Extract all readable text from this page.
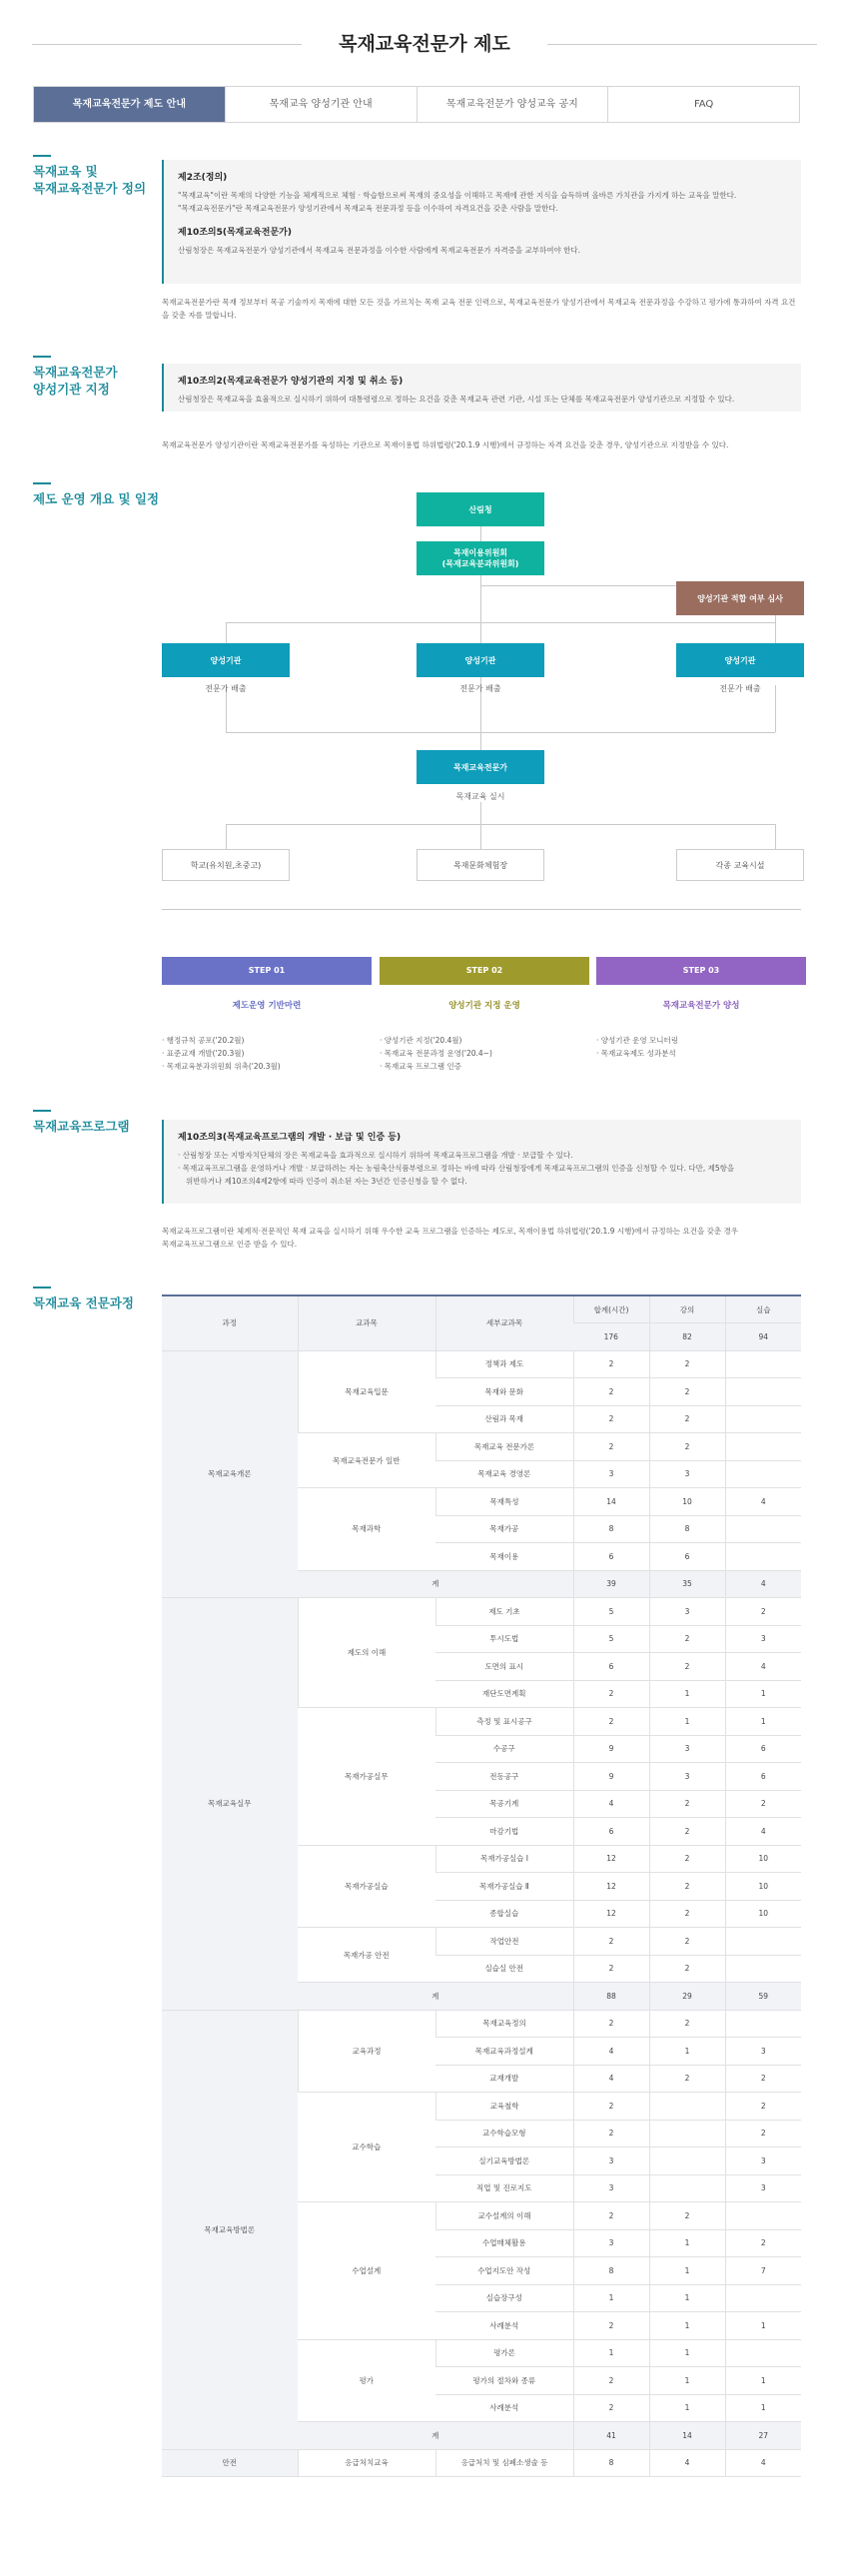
목재교육전문가 제도
목재교육전문가 제도 안내	목재교육 양성기관 안내	목재교육전문가 양성교육 공지	FAQ
목재교육 및
목재교육전문가 정의
제2조(정의)

"목재교육"이란 목재의 다양한 기능을 체계적으로 체험 · 학습함으로써 목재의 중요성을 이해하고 목재에 관한 지식을 습득하며 올바른 가치관을 가지게 하는 교육을 말한다.

"목재교육전문가"란 목재교육전문가 양성기관에서 목재교육 전문과정 등을 이수하여 자격요건을 갖춘 사람을 말한다.

제10조의5(목재교육전문가)

산림청장은 목재교육전문가 양성기관에서 목재교육 전문과정을 이수한 사람에게 목재교육전문가 자격증을 교부하여야 한다.

목재교육전문가란 목재 정보부터 목공 기술까지 목재에 대한 모든 것을 가르치는 목재 교육 전문 인력으로, 목재교육전문가 양성기관에서 목재교육 전문과정을 수강하고 평가에 통과하여 자격 요건을 갖춘 자를 말합니다.
목재교육전문가
양성기관 지정	제10조의2(목재교육전문가 양성기관의 지정 및 취소 등)

산림청장은 목재교육을 효율적으로 실시하기 위하여 대통령령으로 정하는 요건을 갖춘 목재교육 관련 기관, 시설 또는 단체를 목재교육전문가 양성기관으로 지정할 수 있다.

목재교육전문가 양성기관이란 목재교육전문가를 육성하는 기관으로 목재이용법 하위법령('20.1.9 시행)에서 규정하는 자격 요건을 갖춘 경우, 양성기관으로 지정받을 수 있다.
제도 운영 개요 및 일정
산림청
목재이용위원회
(목재교육분과위원회)
양성기관 적합 여부 심사
양성기관	양성기관	양성기관
전문가 배출	전문가 배출	전문가 배출
목재교육전문가
목재교육 실시
학교(유치원,초중고)	목재문화체험장	각종 교육시설
STEP 01	STEP 02	STEP 03
제도운영 기반마련	양성기관 지정 운영	목재교육전문가 양성
· 행정규칙 공포('20.2월)
· 표준교재 개발('20.3월)
· 목재교육분과위원회 위촉('20.3월)
· 양성기관 지정('20.4월)
· 목재교육 전문과정 운영('20.4~)
· 목재교육 프로그램 인증
· 양성기관 운영 모니터링
· 목재교육제도 성과분석
목재교육프로그램
제10조의3(목재교육프로그램의 개발 · 보급 및 인증 등)
· 산림청장 또는 지방자치단체의 장은 목재교육을 효과적으로 실시하기 위하여 목재교육프로그램을 개발 · 보급할 수 있다.
· 목재교육프로그램을 운영하거나 개발 · 보급하려는 자는 농림축산식품부령으로 정하는 바에 따라 산림청장에게 목재교육프로그램의 인증을 신청할 수 있다. 다만, 제5항을
위반하거나 제10조의4제2항에 따라 인증이 취소된 자는 3년간 인증신청을 할 수 없다.
목재교육프로그램이란 체계적·전문적인 목재 교육을 실시하기 위해 우수한 교육 프로그램을 인증하는 제도로, 목재이용법 하위법령('20.1.9 시행)에서 규정하는 요건을 갖춘 경우
목재교육프로그램으로 인증 받을 수 있다.
목재교육 전문과정
과정	교과목	세부교과목	합계(시간)	강의	실습
			176	82	94
목재교육개론	목재교육입문	정책과 제도	2	2	
		목재와 문화	2	2	
		산림과 목재	2	2	
	목재교육전문가 일반	목재교육 전문가론	2	2	
		목재교육 경영론	3	3	
	목재과학	목재특성	14	10	4
		목재가공	8	8	
		목재이용	6	6	
	계		39	35	4
목재교육실무	제도의 이해	제도 기초	5	3	2
		투시도법	5	2	3
		도면의 표시	6	2	4
		재단도면계획	2	1	1
	목재가공실무	측정 및 표시공구	2	1	1
		수공구	9	3	6
		전동공구	9	3	6
		목공기계	4	2	2
		마감기법	6	2	4
	목재가공실습	목재가공실습 Ⅰ	12	2	10
		목재가공실습 Ⅱ	12	2	10
		종합실습	12	2	10
	목재가공 안전	작업안전	2	2	
		실습실 안전	2	2	
	계		88	29	59
목재교육방법론	교육과정	목재교육정의	2	2	
		목재교육과정설계	4	1	3
		교재개발	4	2	2
	교수학습	교육철학	2		2
		교수학습모형	2		2
		실기교육방법론	3		3
		직업 및 진로지도	3		3
	수업설계	교수설계의 이해	2	2	
		수업매체활용	3	1	2
		수업지도안 작성	8	1	7
		실습장구성	1	1	
		사례분석	2	1	1
	평가	평가론	1	1	
		평가의 절차와 종류	2	1	1
		사례분석	2	1	1
	계		41	14	27
안전	응급처치교육	응급처치 및 심폐소생술 등	8	4	4
